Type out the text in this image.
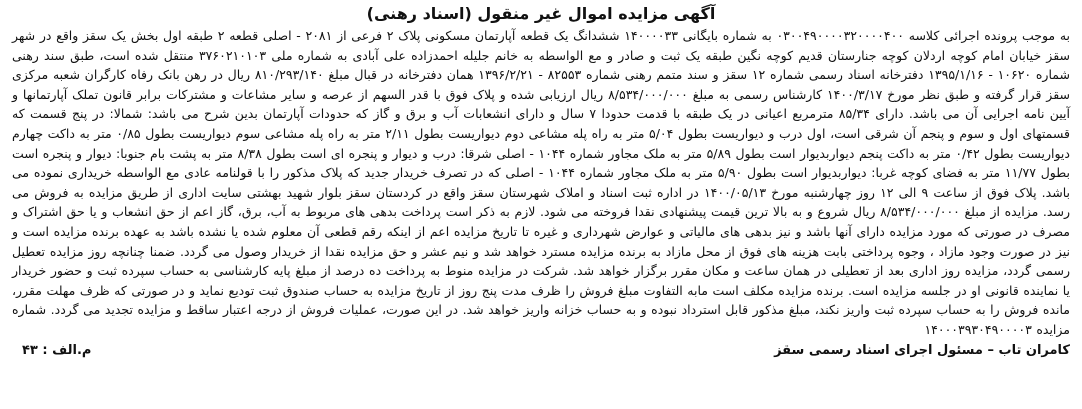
آگهی مزایده اموال غیر منقول (اسناد رهنی)

به موجب پرونده اجرائی کلاسه ۰۳۰۰۴۹۰۰۰۰۳۲۰۰۰۰۴۰۰ به شماره بایگانی ۱۴۰۰۰۰۳۳ ششدانگ یک قطعه آپارتمان مسکونی پلاک ۲ فرعی از ۲۰۸۱ - اصلی قطعه ۲ طبقه اول بخش یک سقز واقع در شهر سقز خیابان امام کوچه اردلان کوچه جنارستان قدیم کوچه نگین طبقه یک ثبت و صادر و مع الواسطه به خانم جلیله احمدزاده علی آبادی به شماره ملی ۳۷۶۰۲۱۰۱۰۳ منتقل شده است، طبق سند رهنی شماره ۱۰۶۲۰ - ۱۳۹۵/۱/۱۶ دفترخانه اسناد رسمی شماره ۱۲ سقز و سند متمم رهنی شماره ۸۲۵۵۳ - ۱۳۹۶/۲/۲۱ همان دفترخانه در قبال مبلغ ۸۱۰/۲۹۳/۱۴۰ ریال در رهن بانک رفاه کارگران شعبه مرکزی سقز قرار گرفته و طبق نظر مورخ ۱۴۰۰/۳/۱۷ کارشناس رسمی به مبلغ ۸/۵۳۴/۰۰۰/۰۰۰ ریال ارزیابی شده و پلاک فوق با قدر السهم از عرصه و سایر مشاعات و مشترکات برابر قانون تملک آپارتمانها و آیین نامه اجرایی آن می باشد. دارای ۸۵/۳۴ مترمربع اعیانی در یک طبقه با قدمت حدودا ۷ سال و دارای انشعابات آب و برق و گاز که حدودات آپارتمان بدین شرح می باشد: شمالا: در پنج قسمت که قسمتهای اول و سوم و پنجم آن شرقی است، اول درب و دیواریست بطول ۵/۰۴ متر به راه پله مشاعی دوم دیواریست بطول ۲/۱۱ متر به راه پله مشاعی سوم دیواریست بطول ۰/۸۵ متر به داکت چهارم دیواریست بطول ۰/۴۲ متر به داکت پنجم دیواربدیوار است بطول ۵/۸۹ متر به ملک مجاور شماره ۱۰۴۴ - اصلی شرقا: درب و دیوار و پنجره ای است بطول ۸/۳۸ متر به پشت بام جنوبا: دیوار و پنجره است بطول ۱۱/۷۷ متر به فضای کوچه غربا: دیواربدیوار است بطول ۵/۹۰ متر به ملک مجاور شماره ۱۰۴۴ - اصلی که در تصرف خریدار جدید که پلاک مذکور را با قولنامه عادی مع الواسطه خریداری نموده می باشد. پلاک فوق از ساعت ۹ الی ۱۲ روز چهارشنبه مورخ ۱۴۰۰/۰۵/۱۳ در اداره ثبت اسناد و املاک شهرستان سقز واقع در کردستان سقز بلوار شهید بهشتی سایت اداری از طریق مزایده به فروش می رسد. مزایده از مبلغ ۸/۵۳۴/۰۰۰/۰۰۰ ریال شروع و به بالا ترین قیمت پیشنهادی نقدا فروخته می شود. لازم به ذکر است پرداخت بدهی های مربوط به آب، برق، گاز اعم از حق انشعاب و یا حق اشتراک و مصرف در صورتی که مورد مزایده دارای آنها باشد و نیز بدهی های مالیاتی و عوارض شهرداری و غیره تا تاریخ مزایده اعم از اینکه رقم قطعی آن معلوم شده یا نشده باشد به عهده برنده مزایده است و نیز در صورت وجود مازاد ، وجوه پرداختی بابت هزینه های فوق از محل مازاد به برنده مزایده مسترد خواهد شد و نیم عشر و حق مزایده نقدا از خریدار وصول می گردد. ضمنا چنانچه روز مزایده تعطیل رسمی گردد، مزایده روز اداری بعد از تعطیلی در همان ساعت و مکان مقرر برگزار خواهد شد. شرکت در مزایده منوط به پرداخت ده درصد از مبلغ پایه کارشناسی به حساب سپرده ثبت و حضور خریدار یا نماینده قانونی او در جلسه مزایده است. برنده مزایده مکلف است مابه التفاوت مبلغ فروش را ظرف مدت پنج روز از تاریخ مزایده به حساب صندوق ثبت توديع نماید و در صورتی که ظرف مهلت مقرر، مانده فروش را به حساب سپرده ثبت واریز نکند، مبلغ مذکور قابل استرداد نبوده و به حساب خزانه واریز خواهد شد. در این صورت، عملیات فروش از درجه اعتبار ساقط و مزایده تجدید می گردد. شماره مزایده ۱۴۰۰۰۳۹۳۰۴۹۰۰۰۰۳

کامران تاب – مسئول اجرای اسناد رسمی سقز
م.الف : ۴۳
